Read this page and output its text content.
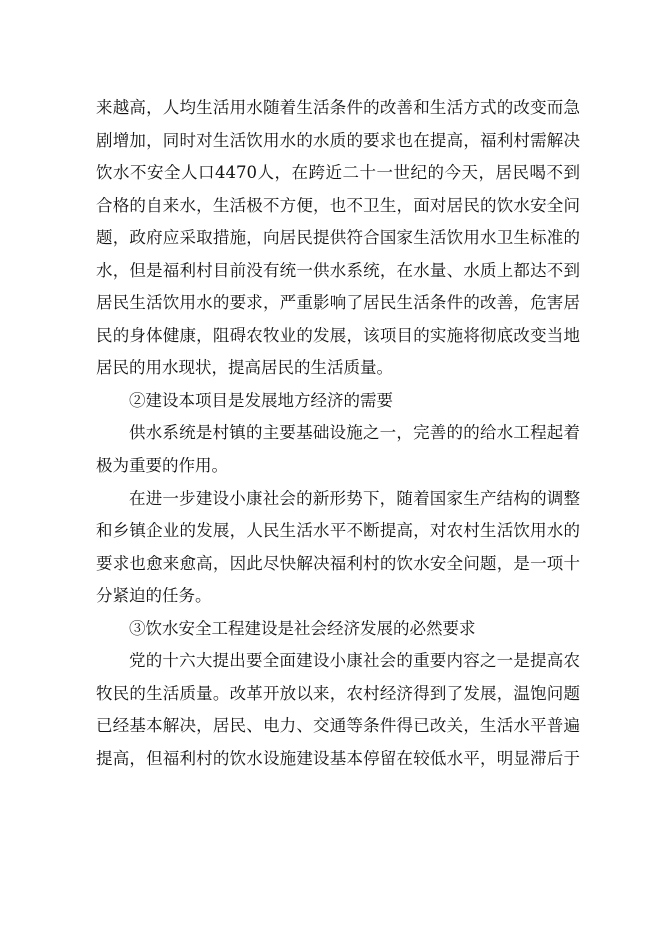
来越高，人均生活用水随着生活条件的改善和生活方式的改变而急
剧增加，同时对生活饮用水的水质的要求也在提高，福利村需解决
饮水不安全人口4470人，在跨近二十一世纪的今天，居民喝不到
合格的自来水，生活极不方便，也不卫生，面对居民的饮水安全问
题，政府应采取措施，向居民提供符合国家生活饮用水卫生标准的
水，但是福利村目前没有统一供水系统，在水量、水质上都达不到
居民生活饮用水的要求，严重影响了居民生活条件的改善，危害居
民的身体健康，阻碍农牧业的发展，该项目的实施将彻底改变当地
居民的用水现状，提高居民的生活质量。
②建设本项目是发展地方经济的需要
供水系统是村镇的主要基础设施之一，完善的的给水工程起着
极为重要的作用。
在进一步建设小康社会的新形势下，随着国家生产结构的调整
和乡镇企业的发展，人民生活水平不断提高，对农村生活饮用水的
要求也愈来愈高，因此尽快解决福利村的饮水安全问题，是一项十
分紧迫的任务。
③饮水安全工程建设是社会经济发展的必然要求
党的十六大提出要全面建设小康社会的重要内容之一是提高农
牧民的生活质量。改革开放以来，农村经济得到了发展，温饱问题
已经基本解决，居民、电力、交通等条件得已改关，生活水平普遍
提高，但福利村的饮水设施建设基本停留在较低水平，明显滞后于
